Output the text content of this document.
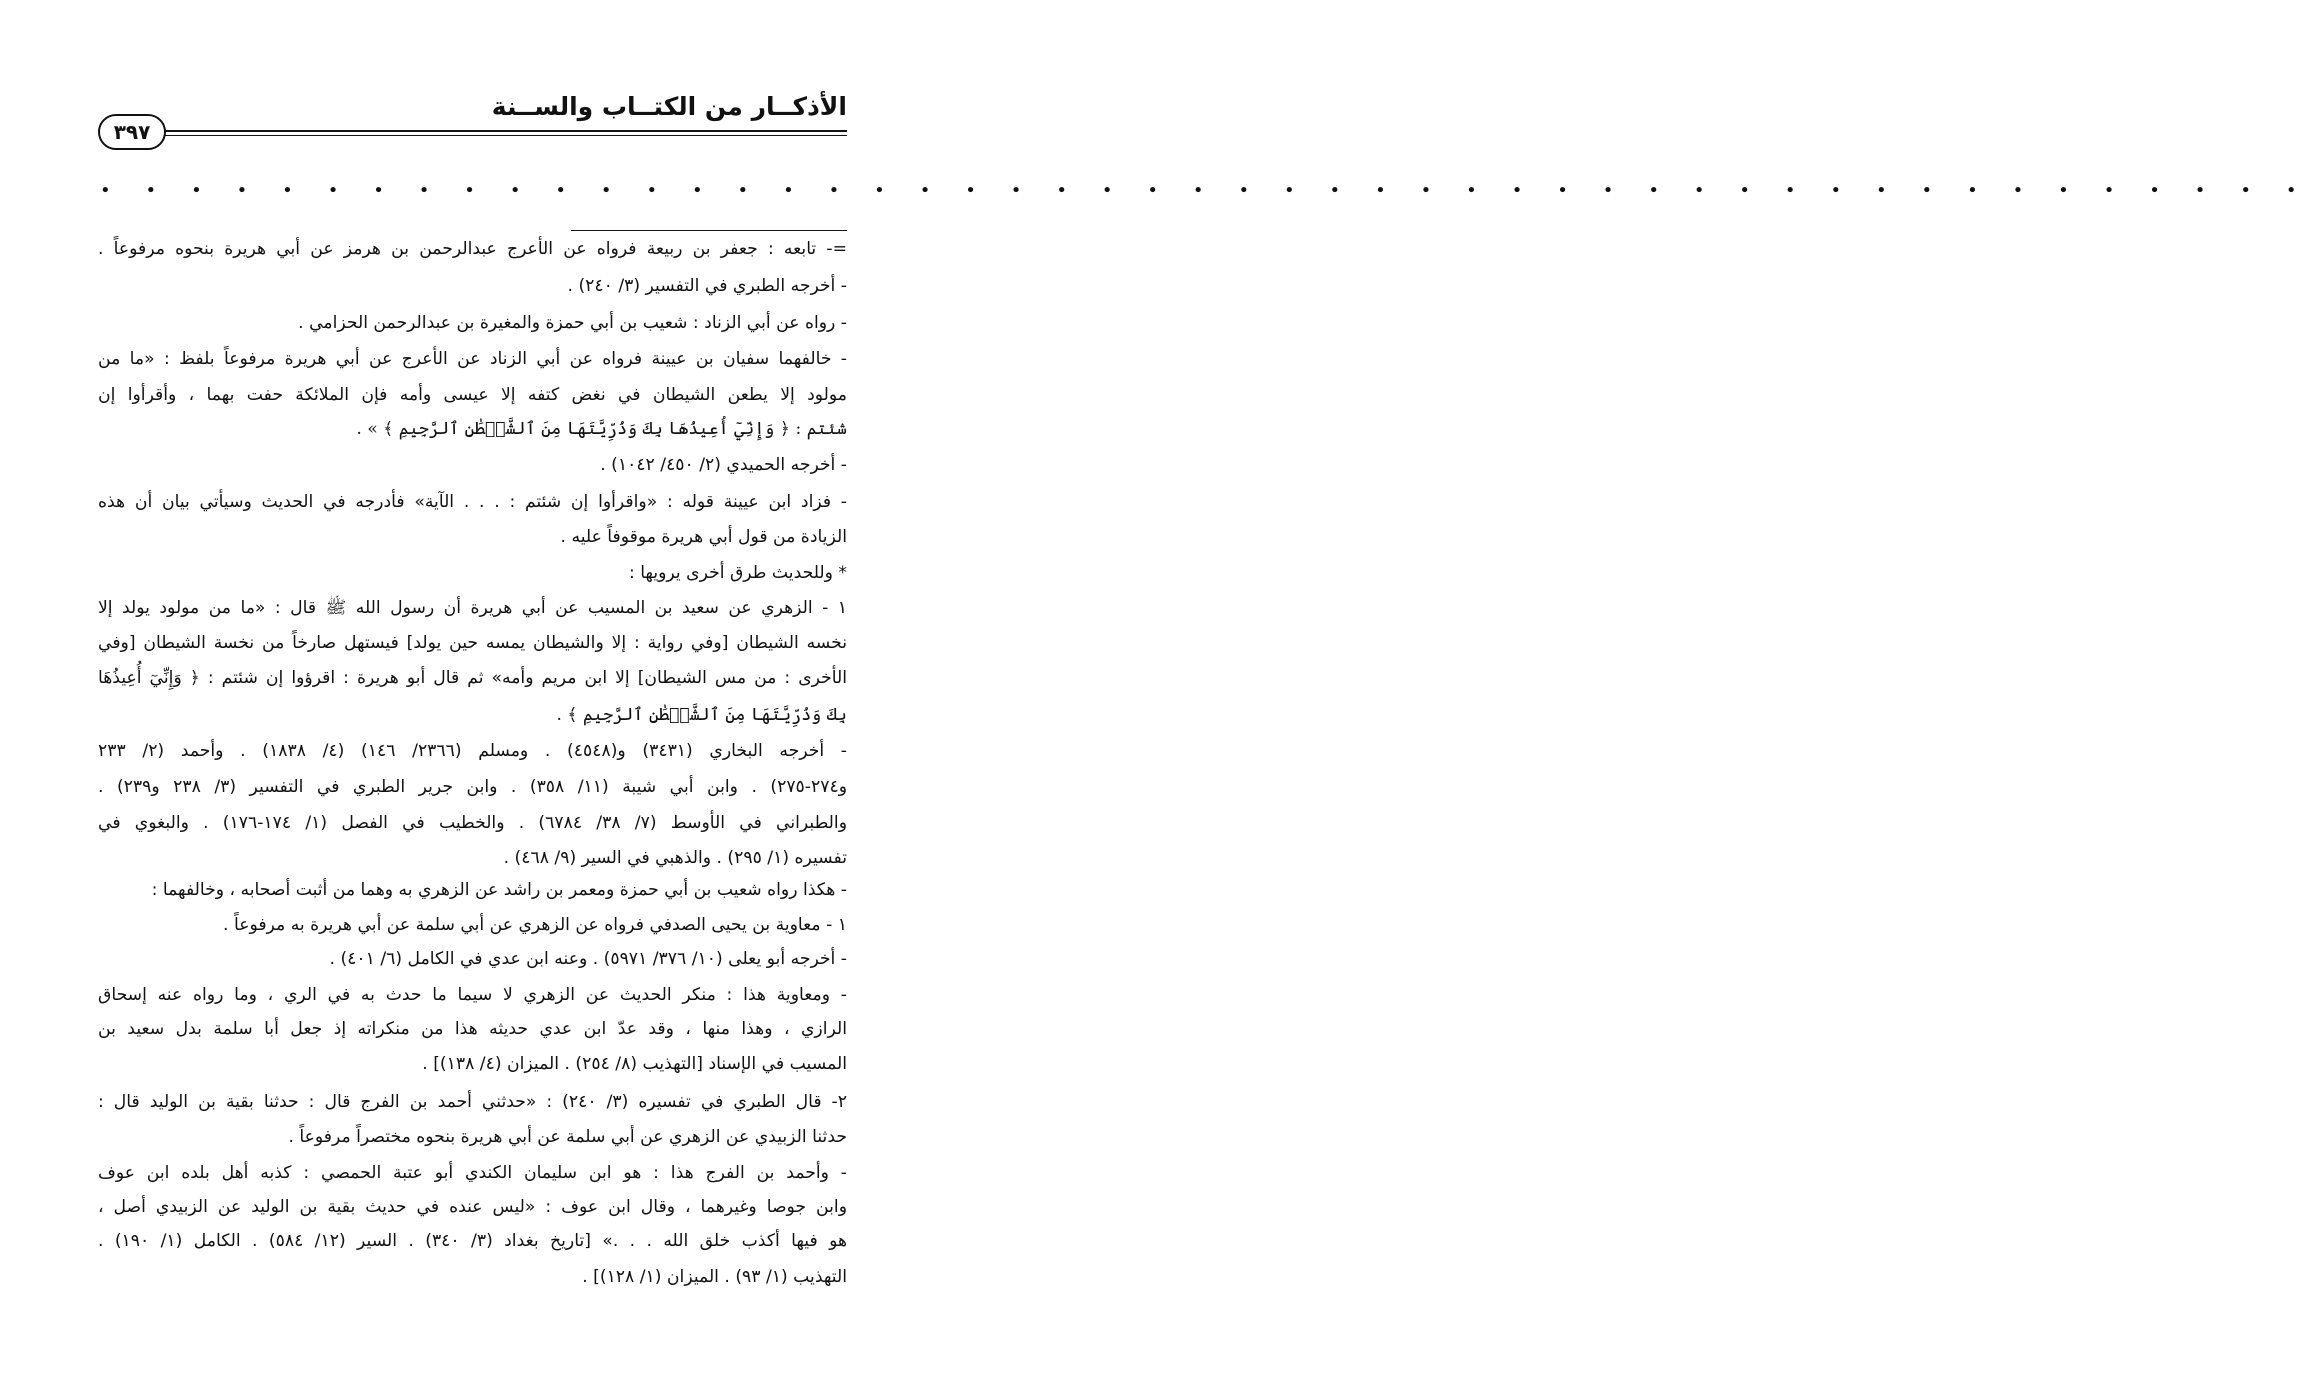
الأذكــار من الكتــاب والســنة
٣٩٧
• • • • • • • • • • • • • • • • • • • • • • • • • • • • • • • • • • • • • • • • • • • • • • • • •
=- تابعه : جعفر بن ربيعة فرواه عن الأعرج عبدالرحمن بن هرمز عن أبي هريرة بنحوه مرفوعاً .
- أخرجه الطبري في التفسير (٣/ ٢٤٠) .
- رواه عن أبي الزناد : شعيب بن أبي حمزة والمغيرة بن عبدالرحمن الحزامي .
- خالفهما سفيان بن عيينة فرواه عن أبي الزناد عن الأعرج عن أبي هريرة مرفوعاً بلفظ : «ما من
مولود إلا يطعن الشيطان في نغض كتفه إلا عيسى وأمه فإن الملائكة حفت بهما ، وأقرأوا إن
شئتم : ﴿ وَإِنِّيٓ أُعِيذُهَا بِكَ وَذُرِّيَّتَهَا مِنَ ٱلشَّيۡطَٰنِ ٱلرَّجِيمِ ﴾ » .
- أخرجه الحميدي (٢/ ٤٥٠/ ١٠٤٢) .
- فزاد ابن عيينة قوله : «واقرأوا إن شئتم : . . . الآية» فأدرجه في الحديث وسيأتي بيان أن هذه
الزيادة من قول أبي هريرة موقوفاً عليه .
* وللحديث طرق أخرى يرويها :
١ - الزهري عن سعيد بن المسيب عن أبي هريرة أن رسول الله ﷺ قال : «ما من مولود يولد إلا
نخسه الشيطان [وفي رواية : إلا والشيطان يمسه حين يولد] فيستهل صارخاً من نخسة الشيطان [وفي
الأخرى : من مس الشيطان] إلا ابن مريم وأمه» ثم قال أبو هريرة : اقرؤوا إن شئتم : ﴿ وَإِنِّيٓ أُعِيذُهَا
بِكَ وَذُرِّيَّتَهَا مِنَ ٱلشَّيۡطَٰنِ ٱلرَّجِيمِ ﴾ .
- أخرجه البخاري (٣٤٣١) و(٤٥٤٨) . ومسلم (٢٣٦٦/ ١٤٦) (٤/ ١٨٣٨) . وأحمد (٢/ ٢٣٣
و٢٧٤-٢٧٥) . وابن أبي شيبة (١١/ ٣٥٨) . وابن جرير الطبري في التفسير (٣/ ٢٣٨ و٢٣٩) .
والطبراني في الأوسط (٧/ ٣٨/ ٦٧٨٤) . والخطيب في الفصل (١/ ١٧٤-١٧٦) . والبغوي في
تفسيره (١/ ٢٩٥) . والذهبي في السير (٩/ ٤٦٨) .
- هكذا رواه شعيب بن أبي حمزة ومعمر بن راشد عن الزهري به وهما من أثبت أصحابه ، وخالفهما :
١ - معاوية بن يحيى الصدفي فرواه عن الزهري عن أبي سلمة عن أبي هريرة به مرفوعاً .
- أخرجه أبو يعلى (١٠/ ٣٧٦/ ٥٩٧١) . وعنه ابن عدي في الكامل (٦/ ٤٠١) .
- ومعاوية هذا : منكر الحديث عن الزهري لا سيما ما حدث به في الري ، وما رواه عنه إسحاق
الرازي ، وهذا منها ، وقد عدّ ابن عدي حديثه هذا من منكراته إذ جعل أبا سلمة بدل سعيد بن
المسيب في الإسناد [التهذيب (٨/ ٢٥٤) . الميزان (٤/ ١٣٨)] .
٢- قال الطبري في تفسيره (٣/ ٢٤٠) : «حدثني أحمد بن الفرج قال : حدثنا بقية بن الوليد قال :
حدثنا الزبيدي عن الزهري عن أبي سلمة عن أبي هريرة بنحوه مختصراً مرفوعاً .
- وأحمد بن الفرج هذا : هو ابن سليمان الكندي أبو عتبة الحمصي : كذبه أهل بلده ابن عوف
وابن جوصا وغيرهما ، وقال ابن عوف : «ليس عنده في حديث بقية بن الوليد عن الزبيدي أصل ،
هو فيها أكذب خلق الله . . .» [تاريخ بغداد (٣/ ٣٤٠) . السير (١٢/ ٥٨٤) . الكامل (١/ ١٩٠) .
التهذيب (١/ ٩٣) . الميزان (١/ ١٢٨)] .
